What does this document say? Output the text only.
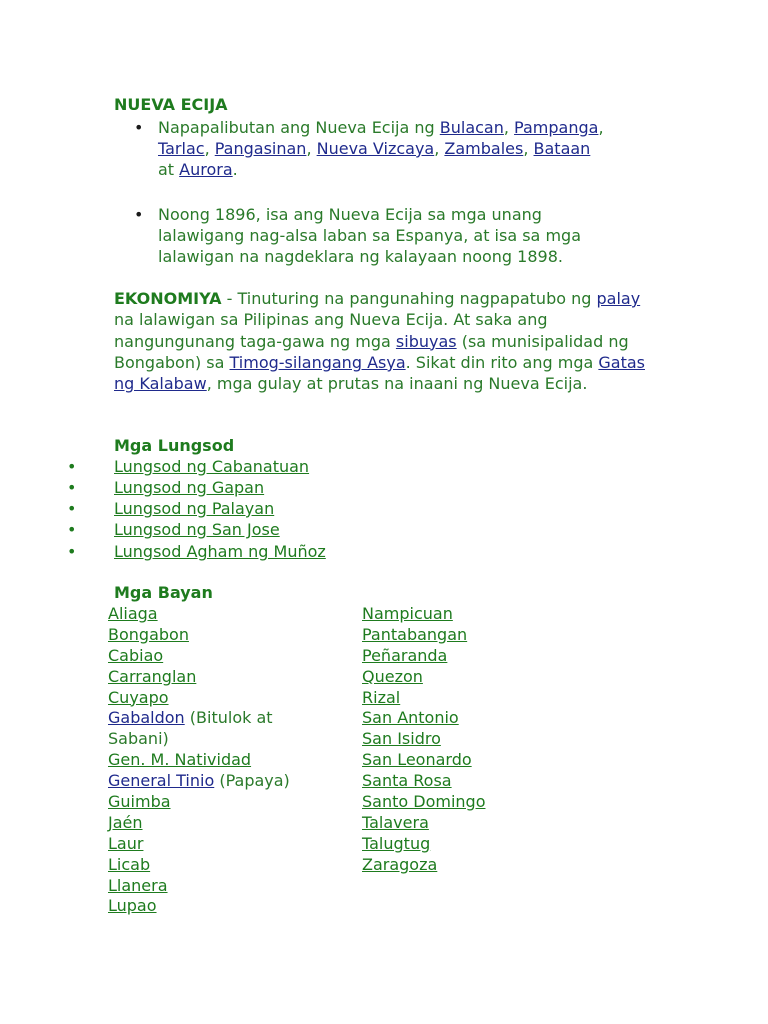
NUEVA ECIJA
• Napapalibutan ang Nueva Ecija ng Bulacan, Pampanga,
Tarlac, Pangasinan, Nueva Vizcaya, Zambales, Bataan
at Aurora.
• Noong 1896, isa ang Nueva Ecija sa mga unang lalawigang nag-alsa laban sa Espanya, at isa sa mga lalawigan na nagdeklara ng kalayaan noong 1898.
EKONOMIYA - Tinuturing na pangunahing nagpapatubo ng palay na lalawigan sa Pilipinas ang Nueva Ecija. At saka ang nangungunang taga-gawa ng mga sibuyas (sa munisipalidad ng Bongabon) sa Timog-silangang Asya. Sikat din rito ang mga Gatas ng Kalabaw, mga gulay at prutas na inaani ng Nueva Ecija.
Mga Lungsod
• Lungsod ng Cabanatuan
• Lungsod ng Gapan
• Lungsod ng Palayan
• Lungsod ng San Jose
• Lungsod Agham ng Muñoz
Mga Bayan
Aliaga
Bongabon
Cabiao
Carranglan
Cuyapo
Gabaldon (Bitulok at
Sabani)
Gen. M. Natividad
General Tinio (Papaya)
Guimba
Jaén
Laur
Licab
Llanera
Lupao
Nampicuan
Pantabangan
Peñaranda
Quezon
Rizal
San Antonio
San Isidro
San Leonardo
Santa Rosa
Santo Domingo
Talavera
Talugtug
Zaragoza
